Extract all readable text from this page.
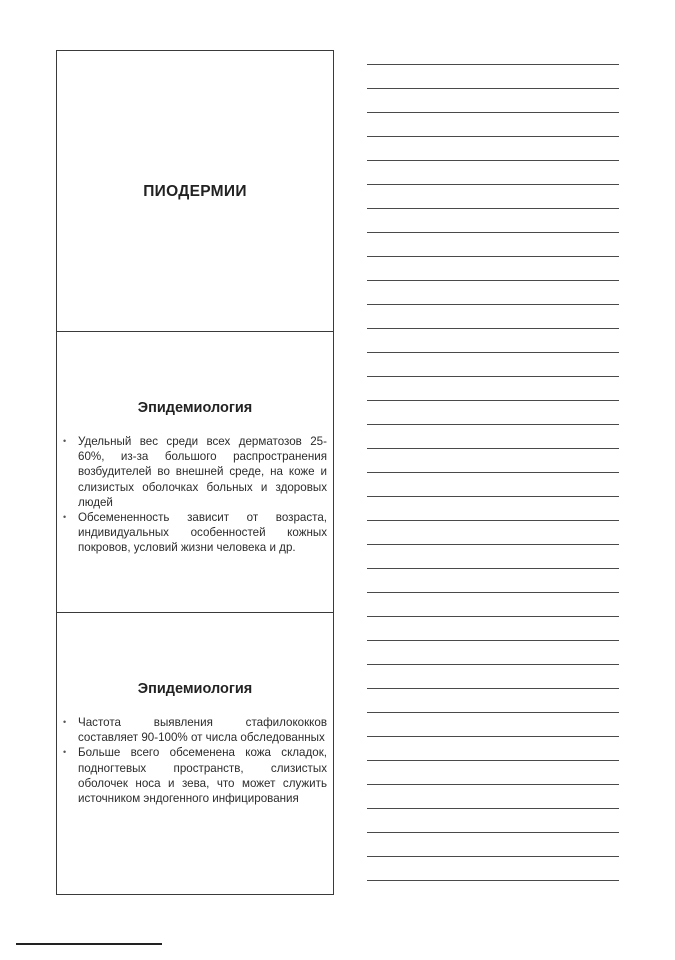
ПИОДЕРМИИ
Эпидемиология
• Удельный вес среди всех дерматозов 25-60%, из-за большого распространения возбудителей во внешней среде, на коже и слизистых оболочках больных и здоровых людей
• Обсемененность зависит от возраста, индивидуальных особенностей кожных покровов, условий жизни человека и др.
Эпидемиология
• Частота выявления стафилококков составляет 90-100% от числа обследованных
• Больше всего обсеменена кожа складок, подногтевых пространств, слизистых оболочек носа и зева, что может служить источником эндогенного инфицирования
